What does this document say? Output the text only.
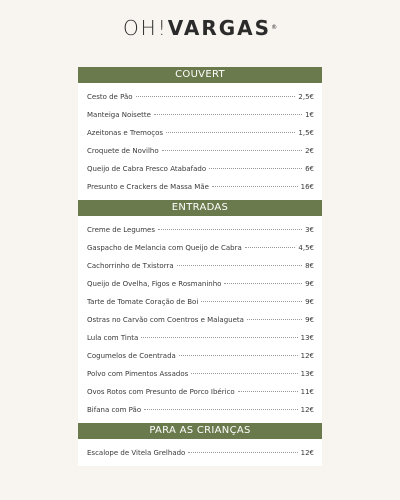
OH!VARGAS®
COUVERT
Cesto de Pão	2,5€
Manteiga Noisette	1€
Azeitonas e Tremoços	1,5€
Croquete de Novilho	2€
Queijo de Cabra Fresco Atabafado	6€
Presunto e Crackers de Massa Mãe	16€
ENTRADAS
Creme de Legumes	3€
Gaspacho de Melancia com Queijo de Cabra	4,5€
Cachorrinho de Txistorra	8€
Queijo de Ovelha, Figos e Rosmaninho	9€
Tarte de Tomate Coração de Boi	9€
Ostras no Carvão com Coentros e Malagueta	9€
Lula com Tinta	13€
Cogumelos de Coentrada	12€
Polvo com Pimentos Assados	13€
Ovos Rotos com Presunto de Porco Ibérico	11€
Bifana com Pão	12€
PARA AS CRIANÇAS
Escalope de Vitela Grelhado	12€
